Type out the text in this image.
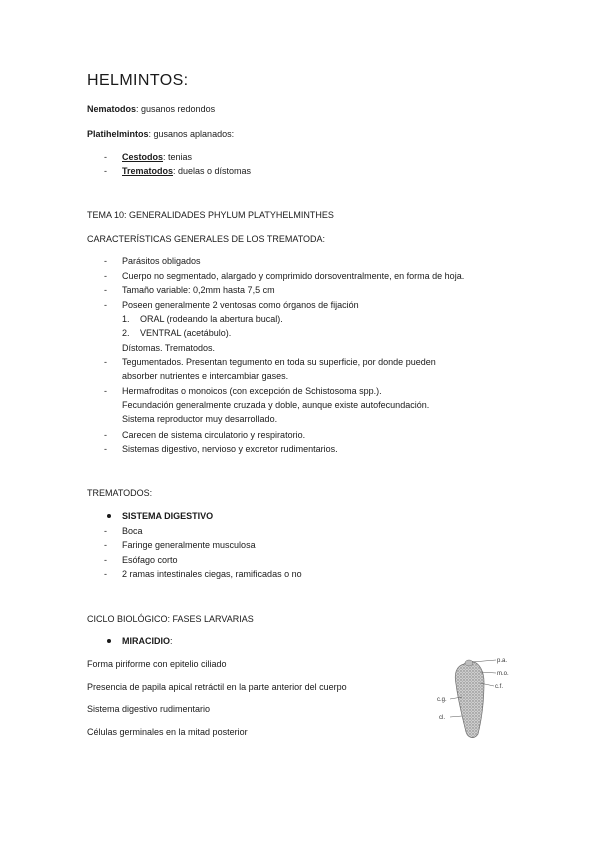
HELMINTOS:
Nematodos: gusanos redondos
Platihelmintos: gusanos aplanados:
- Cestodos: tenias
- Trematodos: duelas o dístomas
TEMA 10: GENERALIDADES PHYLUM PLATYHELMINTHES
CARACTERÍSTICAS GENERALES DE LOS TREMATODA:
- Parásitos obligados
- Cuerpo no segmentado, alargado y comprimido dorsoventralmente, en forma de hoja.
- Tamaño variable: 0,2mm hasta 7,5 cm
- Poseen generalmente 2 ventosas como órganos de fijación
1. ORAL (rodeando la abertura bucal).
2. VENTRAL (acetábulo).
Dístomas. Trematodos.
- Tegumentados. Presentan tegumento en toda su superficie, por donde pueden
absorber nutrientes e intercambiar gases.
- Hermafroditas o monoicos (con excepción de Schistosoma spp.).
Fecundación generalmente cruzada y doble, aunque existe autofecundación.
Sistema reproductor muy desarrollado.
- Carecen de sistema circulatorio y respiratorio.
- Sistemas digestivo, nervioso y excretor rudimentarios.
TREMATODOS:
SISTEMA DIGESTIVO
- Boca
- Faringe generalmente musculosa
- Esófago corto
- 2 ramas intestinales ciegas, ramificadas o no
CICLO BIOLÓGICO: FASES LARVARIAS
MIRACIDIO:
Forma piriforme con epitelio ciliado
Presencia de papila apical retráctil en la parte anterior del cuerpo
Sistema digestivo rudimentario
Células germinales en la mitad posterior
p.a.
m.o.
c.f.
c.g.
cl.
